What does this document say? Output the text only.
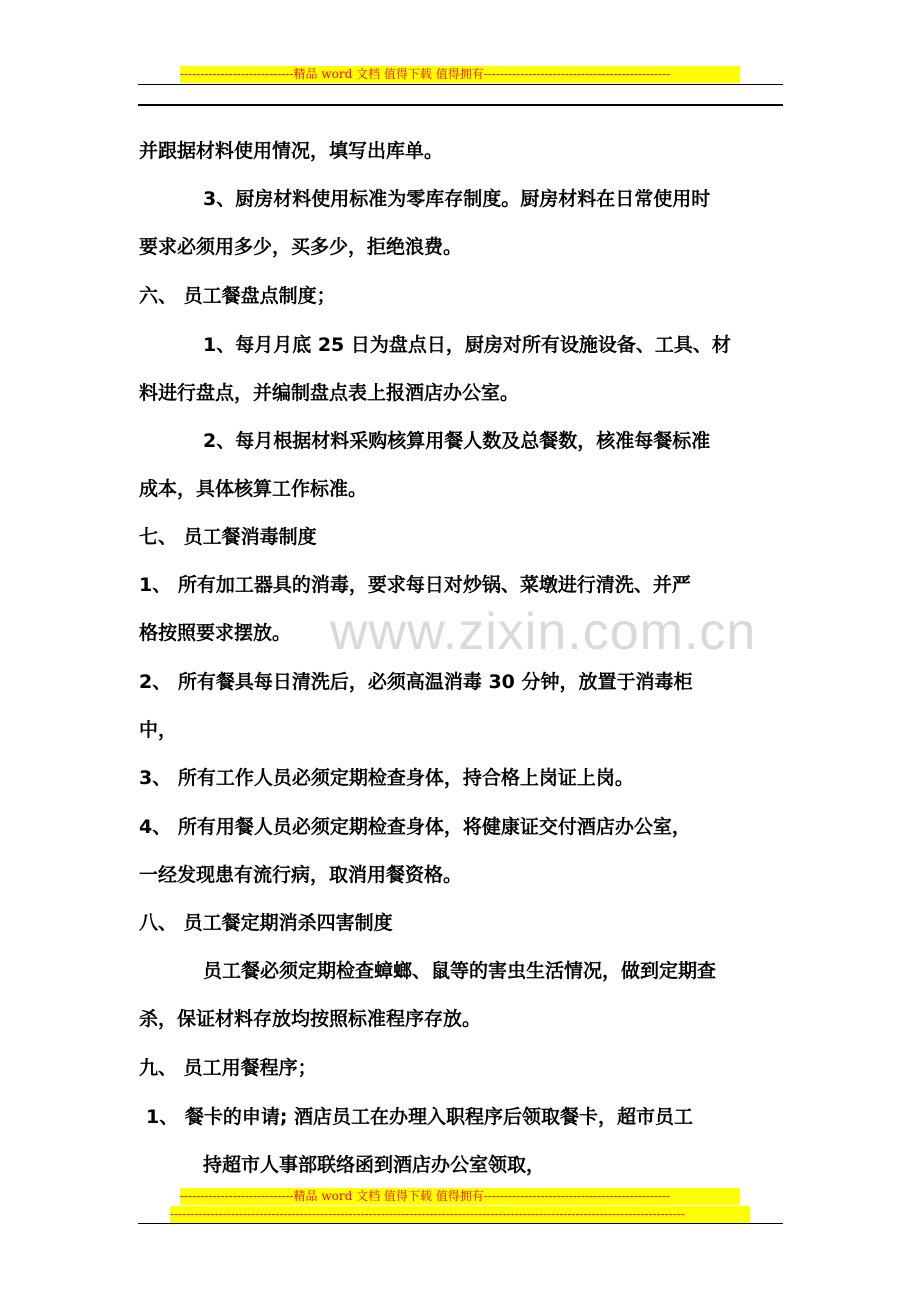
----------------------------精品 word 文档 值得下载 值得拥有----------------------------------------------
www.zixin.com.cn
并跟据材料使用情况，填写出库单。
3、厨房材料使用标准为零库存制度。厨房材料在日常使用时
要求必须用多少，买多少，拒绝浪费。
六、 员工餐盘点制度；
1、每月月底 25 日为盘点日，厨房对所有设施设备、工具、材
料进行盘点，并编制盘点表上报酒店办公室。
2、每月根据材料采购核算用餐人数及总餐数，核准每餐标准
成本，具体核算工作标准。
七、 员工餐消毒制度
1、 所有加工器具的消毒，要求每日对炒锅、菜墩进行清洗、并严
格按照要求摆放。
2、 所有餐具每日清洗后，必须高温消毒 30 分钟，放置于消毒柜
中，
3、 所有工作人员必须定期检查身体，持合格上岗证上岗。
4、 所有用餐人员必须定期检查身体，将健康证交付酒店办公室，
一经发现患有流行病，取消用餐资格。
八、 员工餐定期消杀四害制度
员工餐必须定期检查蟑螂、鼠等的害虫生活情况，做到定期查
杀，保证材料存放均按照标准程序存放。
九、 员工用餐程序；
1、 餐卡的申请; 酒店员工在办理入职程序后领取餐卡，超市员工
持超市人事部联络函到酒店办公室领取，
----------------------------精品 word 文档 值得下载 值得拥有----------------------------------------------
-------------------------------------------------------------------------------------------------------------------------------
